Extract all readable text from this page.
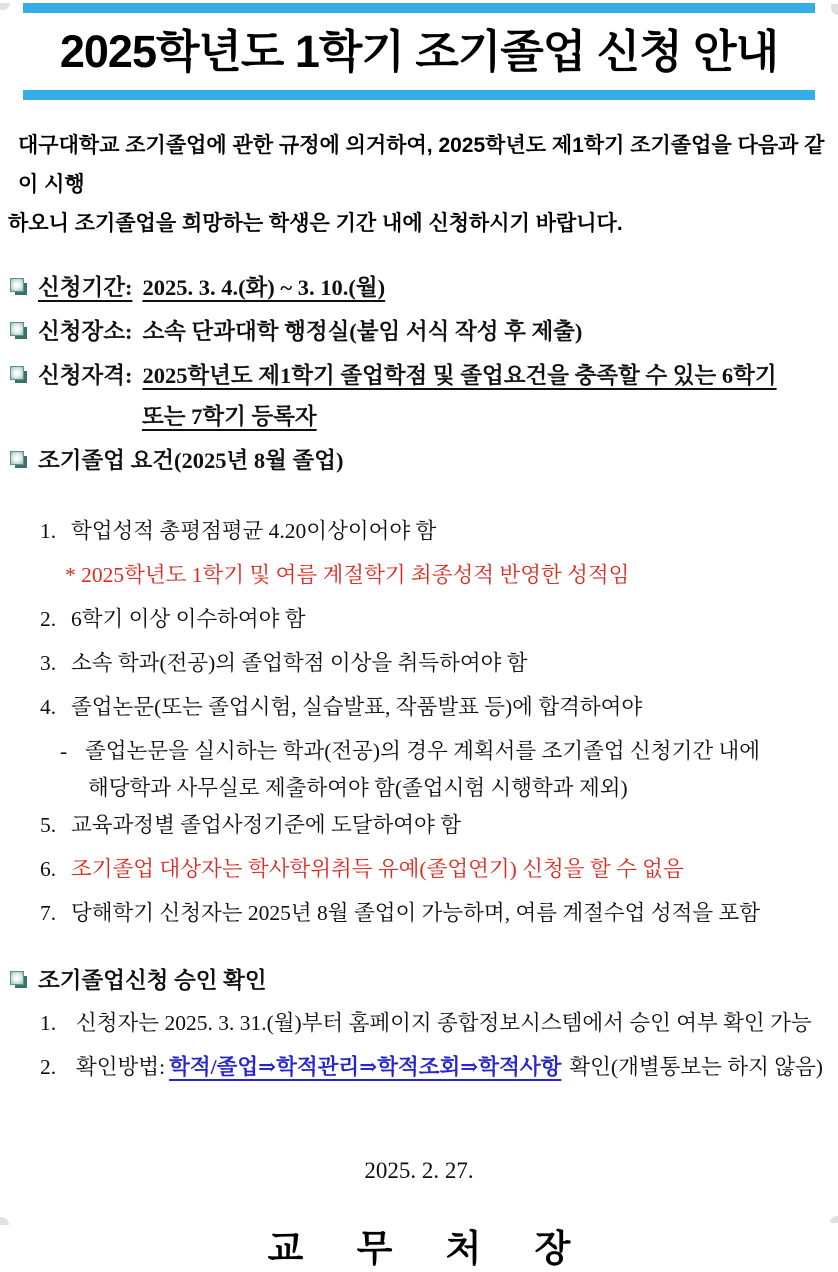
2025학년도 1학기 조기졸업 신청 안내

대구대학교 조기졸업에 관한 규정에 의거하여, 2025학년도 제1학기 조기졸업을 다음과 같이 시행
하오니 조기졸업을 희망하는 학생은 기간 내에 신청하시기 바랍니다.

신청기간: 2025. 3. 4.(화) ~ 3. 10.(월)
신청장소: 소속 단과대학 행정실(붙임 서식 작성 후 제출)
신청자격: 2025학년도 제1학기 졸업학점 및 졸업요건을 충족할 수 있는 6학기
또는 7학기 등록자
조기졸업 요건(2025년 8월 졸업)
1. 학업성적 총평점평균 4.20이상이어야 함
* 2025학년도 1학기 및 여름 계절학기 최종성적 반영한 성적임
2. 6학기 이상 이수하여야 함
3. 소속 학과(전공)의 졸업학점 이상을 취득하여야 함
4. 졸업논문(또는 졸업시험, 실습발표, 작품발표 등)에 합격하여야
- 졸업논문을 실시하는 학과(전공)의 경우 계획서를 조기졸업 신청기간 내에
해당학과 사무실로 제출하여야 함(졸업시험 시행학과 제외)
5. 교육과정별 졸업사정기준에 도달하여야 함
6. 조기졸업 대상자는 학사학위취득 유예(졸업연기) 신청을 할 수 없음
7. 당해학기 신청자는 2025년 8월 졸업이 가능하며, 여름 계절수업 성적을 포함
조기졸업신청 승인 확인
1. 신청자는 2025. 3. 31.(월)부터 홈페이지 종합정보시스템에서 승인 여부 확인 가능
2. 확인방법: 학적/졸업⇒학적관리⇒학적조회⇒학적사항 확인(개별통보는 하지 않음)
2025. 2. 27.
교 무 처 장
